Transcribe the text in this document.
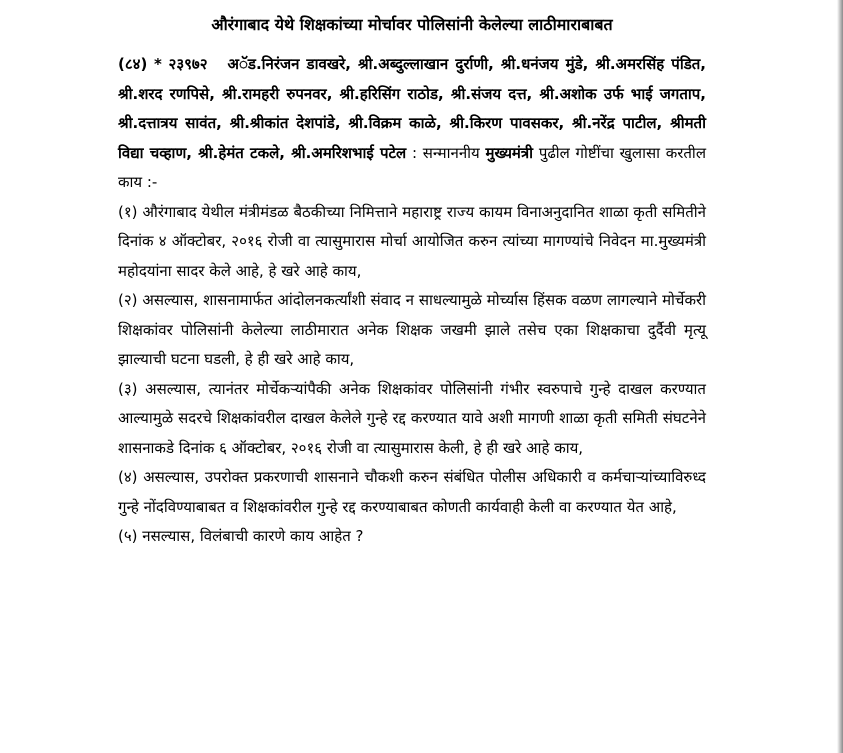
औरंगाबाद येथे शिक्षकांच्या मोर्चावर पोलिसांनी केलेल्या लाठीमाराबाबत

(८४) * २३९७२ अॅड.निरंजन डावखरे, श्री.अब्दुल्लाखान दुर्राणी, श्री.धनंजय मुंडे, श्री.अमरसिंह पंडित, श्री.शरद रणपिसे, श्री.रामहरी रुपनवर, श्री.हरिसिंग राठोड, श्री.संजय दत्त, श्री.अशोक उर्फ भाई जगताप, श्री.दत्तात्रय सावंत, श्री.श्रीकांत देशपांडे, श्री.विक्रम काळे, श्री.किरण पावसकर, श्री.नरेंद्र पाटील, श्रीमती विद्या चव्हाण, श्री.हेमंत टकले, श्री.अमरिशभाई पटेल : सन्माननीय मुख्यमंत्री पुढील गोष्टींचा खुलासा करतील काय :-

(१) औरंगाबाद येथील मंत्रीमंडळ बैठकीच्या निमित्ताने महाराष्ट्र राज्य कायम विनाअनुदानित शाळा कृती समितीने दिनांक ४ ऑक्टोबर, २०१६ रोजी वा त्यासुमारास मोर्चा आयोजित करुन त्यांच्या मागण्यांचे निवेदन मा.मुख्यमंत्री महोदयांना सादर केले आहे, हे खरे आहे काय,

(२) असल्यास, शासनामार्फत आंदोलनकर्त्यांशी संवाद न साधल्यामुळे मोर्च्यास हिंसक वळण लागल्याने मोर्चेकरी शिक्षकांवर पोलिसांनी केलेल्या लाठीमारात अनेक शिक्षक जखमी झाले तसेच एका शिक्षकाचा दुर्दैवी मृत्यू झाल्याची घटना घडली, हे ही खरे आहे काय,

(३) असल्यास, त्यानंतर मोर्चेकऱ्यांपैकी अनेक शिक्षकांवर पोलिसांनी गंभीर स्वरुपाचे गुन्हे दाखल करण्यात आल्यामुळे सदरचे शिक्षकांवरील दाखल केलेले गुन्हे रद्द करण्यात यावे अशी मागणी शाळा कृती समिती संघटनेने शासनाकडे दिनांक ६ ऑक्टोबर, २०१६ रोजी वा त्यासुमारास केली, हे ही खरे आहे काय,

(४) असल्यास, उपरोक्त प्रकरणाची शासनाने चौकशी करुन संबंधित पोलीस अधिकारी व कर्मचाऱ्यांच्याविरुध्द गुन्हे नोंदविण्याबाबत व शिक्षकांवरील गुन्हे रद्द करण्याबाबत कोणती कार्यवाही केली वा करण्यात येत आहे,

(५) नसल्यास, विलंबाची कारणे काय आहेत ?
